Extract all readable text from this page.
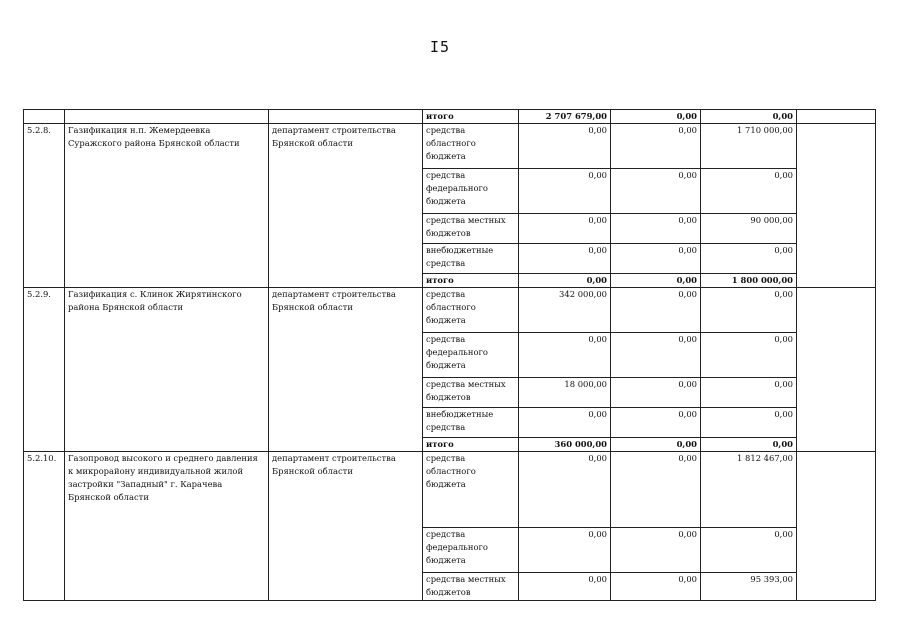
I5
			итого	2 707 679,00	0,00	0,00	
5.2.8.	Газификация н.п. Жемердеевка Суражского района Брянской области	департамент строительства Брянской области	средства областного бюджета	0,00	0,00	1 710 000,00	
			средства федерального бюджета	0,00	0,00	0,00	
			средства местных бюджетов	0,00	0,00	90 000,00	
			внебюджетные средства	0,00	0,00	0,00	
			итого	0,00	0,00	1 800 000,00	
5.2.9.	Газификация с. Клинок Жирятинского района Брянской области	департамент строительства Брянской области	средства областного бюджета	342 000,00	0,00	0,00	
			средства федерального бюджета	0,00	0,00	0,00	
			средства местных бюджетов	18 000,00	0,00	0,00	
			внебюджетные средства	0,00	0,00	0,00	
			итого	360 000,00	0,00	0,00	
5.2.10.	Газопровод высокого и среднего давления к микрорайону индивидуальной жилой застройки "Западный" г. Карачева Брянской области	департамент строительства Брянской области	средства областного бюджета	0,00	0,00	1 812 467,00	
			средства федерального бюджета	0,00	0,00	0,00	
			средства местных бюджетов	0,00	0,00	95 393,00	
